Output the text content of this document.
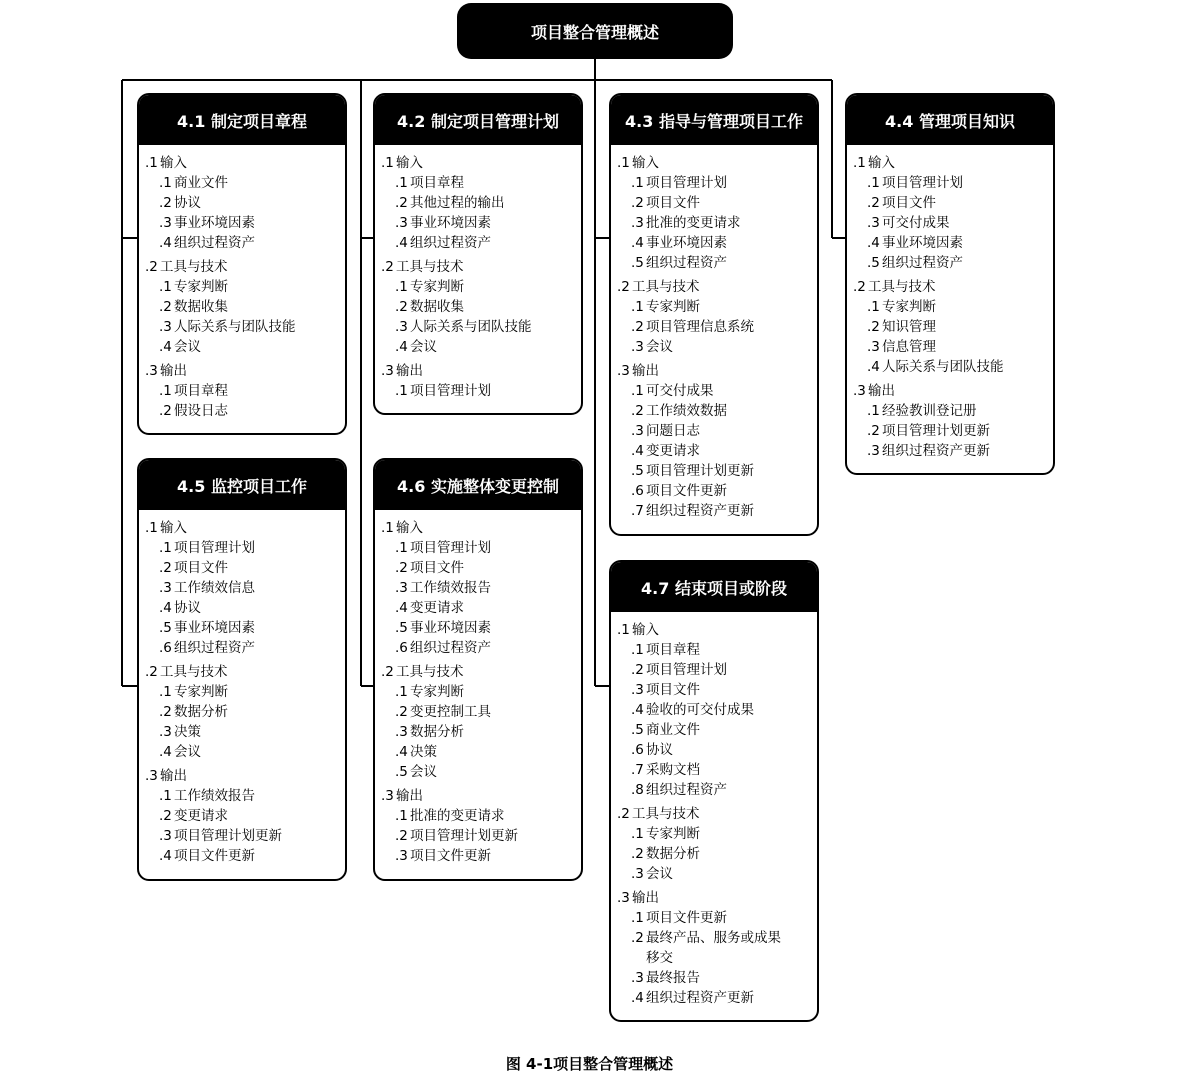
项目整合管理概述
4.1 制定项目章程
.1 输入
.1 商业文件
.2 协议
.3 事业环境因素
.4 组织过程资产
.2 工具与技术
.1 专家判断
.2 数据收集
.3 人际关系与团队技能
.4 会议
.3 输出
.1 项目章程
.2 假设日志
4.2 制定项目管理计划
.1 输入
.1 项目章程
.2 其他过程的输出
.3 事业环境因素
.4 组织过程资产
.2 工具与技术
.1 专家判断
.2 数据收集
.3 人际关系与团队技能
.4 会议
.3 输出
.1 项目管理计划
4.3 指导与管理项目工作
.1 输入
.1 项目管理计划
.2 项目文件
.3 批准的变更请求
.4 事业环境因素
.5 组织过程资产
.2 工具与技术
.1 专家判断
.2 项目管理信息系统
.3 会议
.3 输出
.1 可交付成果
.2 工作绩效数据
.3 问题日志
.4 变更请求
.5 项目管理计划更新
.6 项目文件更新
.7 组织过程资产更新
4.4 管理项目知识
.1 输入
.1 项目管理计划
.2 项目文件
.3 可交付成果
.4 事业环境因素
.5 组织过程资产
.2 工具与技术
.1 专家判断
.2 知识管理
.3 信息管理
.4 人际关系与团队技能
.3 输出
.1 经验教训登记册
.2 项目管理计划更新
.3 组织过程资产更新
4.5 监控项目工作
.1 输入
.1 项目管理计划
.2 项目文件
.3 工作绩效信息
.4 协议
.5 事业环境因素
.6 组织过程资产
.2 工具与技术
.1 专家判断
.2 数据分析
.3 决策
.4 会议
.3 输出
.1 工作绩效报告
.2 变更请求
.3 项目管理计划更新
.4 项目文件更新
4.6 实施整体变更控制
.1 输入
.1 项目管理计划
.2 项目文件
.3 工作绩效报告
.4 变更请求
.5 事业环境因素
.6 组织过程资产
.2 工具与技术
.1 专家判断
.2 变更控制工具
.3 数据分析
.4 决策
.5 会议
.3 输出
.1 批准的变更请求
.2 项目管理计划更新
.3 项目文件更新
4.7 结束项目或阶段
.1 输入
.1 项目章程
.2 项目管理计划
.3 项目文件
.4 验收的可交付成果
.5 商业文件
.6 协议
.7 采购文档
.8 组织过程资产
.2 工具与技术
.1 专家判断
.2 数据分析
.3 会议
.3 输出
.1 项目文件更新
.2 最终产品、服务或成果
移交
.3 最终报告
.4 组织过程资产更新
图 4-1项目整合管理概述
